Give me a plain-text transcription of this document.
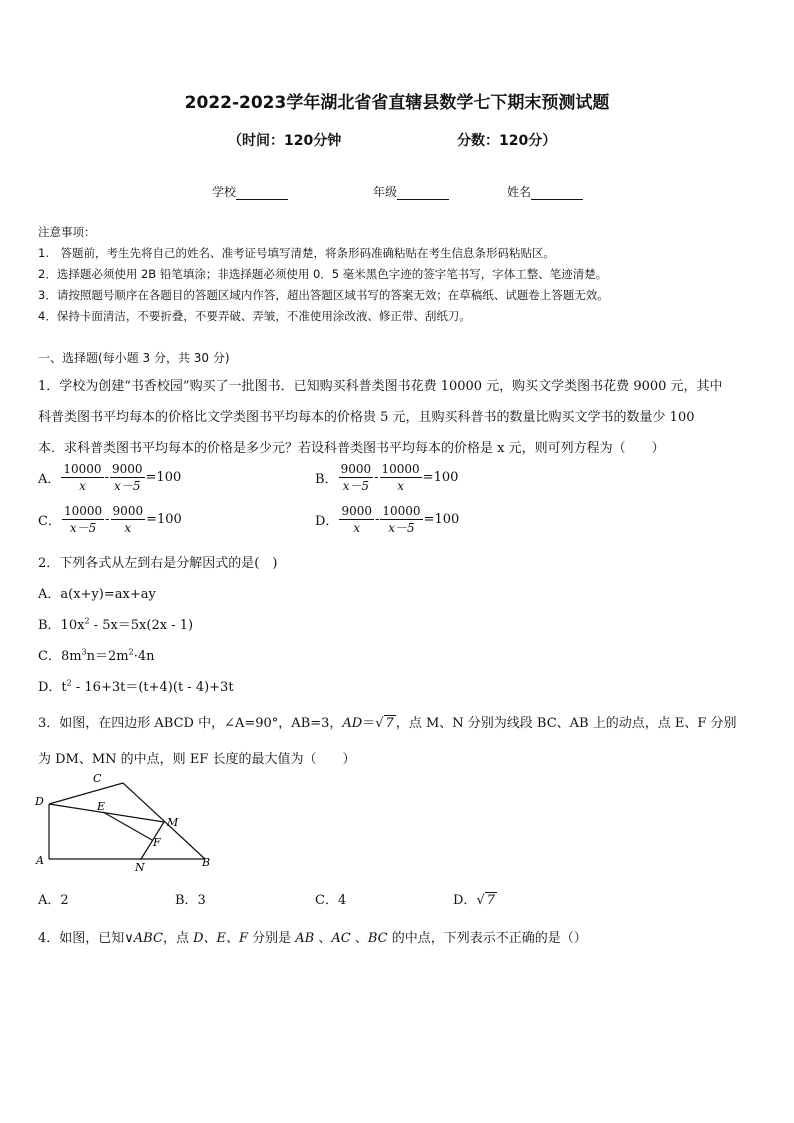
2022-2023学年湖北省省直辖县数学七下期末预测试题
（时间：120分钟	分数：120分）
学校	年级	姓名
注意事项：
1.　答题前，考生先将自己的姓名、准考证号填写清楚，将条形码准确粘贴在考生信息条形码粘贴区。
2．选择题必须使用 2B 铅笔填涂；非选择题必须使用 0．5 毫米黑色字迹的签字笔书写，字体工整、笔迹清楚。
3．请按照题号顺序在各题目的答题区域内作答，超出答题区域书写的答案无效；在草稿纸、试题卷上答题无效。
4．保持卡面清洁，不要折叠，不要弄破、弄皱，不准使用涂改液、修正带、刮纸刀。
一、选择题(每小题 3 分，共 30 分)
1．学校为创建“书香校园”购买了一批图书．已知购买科普类图书花费 10000 元，购买文学类图书花费 9000 元，其中
科普类图书平均每本的价格比文学类图书平均每本的价格贵 5 元，且购买科普书的数量比购买文学书的数量少 100
本．求科普类图书平均每本的价格是多少元？若设科普类图书平均每本的价格是 x 元，则可列方程为（　　）
A． $\frac{10000}{x} - \frac{9000}{x-5} =100$	B． $\frac{9000}{x-5} - \frac{10000}{x} =100$
C． $\frac{10000}{x-5} - \frac{9000}{x} =100$	D． $\frac{9000}{x} - \frac{10000}{x-5} =100$
2．下列各式从左到右是分解因式的是(　)
A．a(x+y)=ax+ay
B．$10x^2 - 5x=5x(2x - 1)$
C．$8m^3n=2m^2\cdot 4n$
D．$t^2 - 16+3t=(t+4)(t - 4)+3t$
3．如图，在四边形 ABCD 中，∠A=90°，AB=3，AD＝√ 7 ，点 M、N 分别为线段 BC、AB 上的动点，点 E、F 分别
为 DM、MN 的中点，则 EF 长度的最大值为（　　）
C
D	E
M
F
A
N	B
A．2	B．3	C．4	D．√ 7
4．如图，已知∨ABC，点 D、E、F 分别是 AB 、AC 、BC 的中点，下列表示不正确的是（）
